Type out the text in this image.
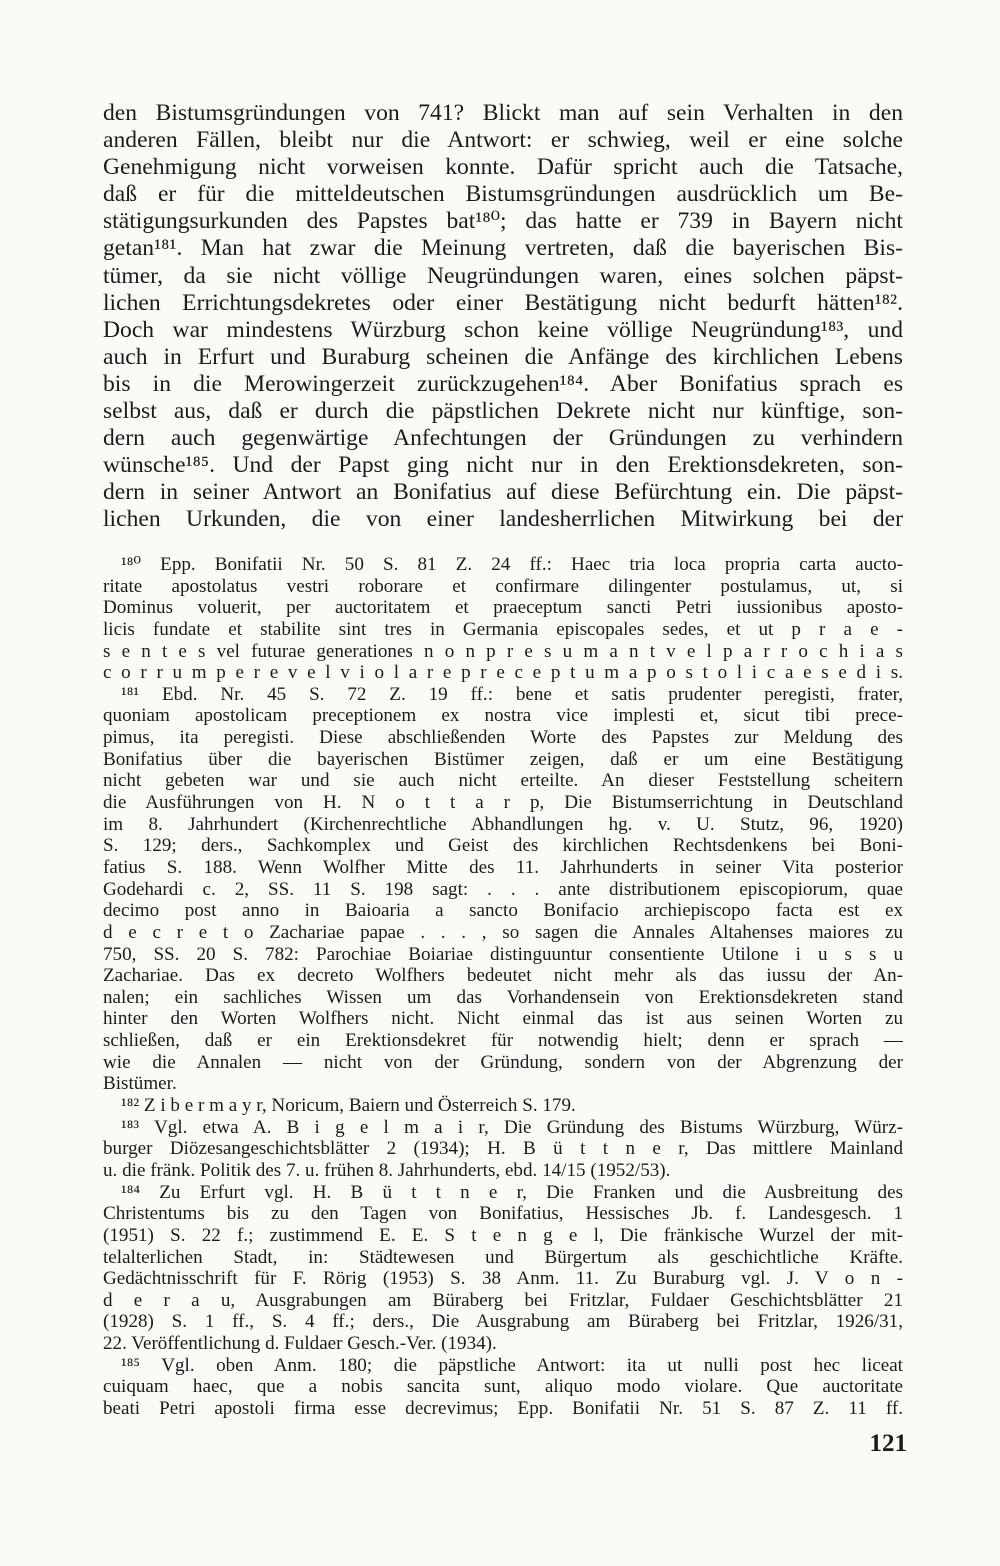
den Bistumsgründungen von 741? Blickt man auf sein Verhalten in den
anderen Fällen, bleibt nur die Antwort: er schwieg, weil er eine solche
Genehmigung nicht vorweisen konnte. Dafür spricht auch die Tatsache,
daß er für die mitteldeutschen Bistumsgründungen ausdrücklich um Be-
stätigungsurkunden des Papstes bat¹⁸⁰; das hatte er 739 in Bayern nicht
getan¹⁸¹. Man hat zwar die Meinung vertreten, daß die bayerischen Bis-
tümer, da sie nicht völlige Neugründungen waren, eines solchen päpst-
lichen Errichtungsdekretes oder einer Bestätigung nicht bedurft hätten¹⁸².
Doch war mindestens Würzburg schon keine völlige Neugründung¹⁸³, und
auch in Erfurt und Buraburg scheinen die Anfänge des kirchlichen Lebens
bis in die Merowingerzeit zurückzugehen¹⁸⁴. Aber Bonifatius sprach es
selbst aus, daß er durch die päpstlichen Dekrete nicht nur künftige, son-
dern auch gegenwärtige Anfechtungen der Gründungen zu verhindern
wünsche¹⁸⁵. Und der Papst ging nicht nur in den Erektionsdekreten, son-
dern in seiner Antwort an Bonifatius auf diese Befürchtung ein. Die päpst-
lichen Urkunden, die von einer landesherrlichen Mitwirkung bei der
¹⁸⁰ Epp. Bonifatii Nr. 50 S. 81 Z. 24 ff.: Haec tria loca propria carta aucto-
ritate apostolatus vestri roborare et confirmare dilingenter postulamus, ut, si
Dominus voluerit, per auctoritatem et praeceptum sancti Petri iussionibus aposto-
licis fundate et stabilite sint tres in Germania episcopales sedes, et ut p r a e -
s e n t e s vel futurae generationes n o n p r e s u m a n t v e l p a r r o c h i a s
c o r r u m p e r e v e l v i o l a r e p r e c e p t u m a p o s t o l i c a e s e d i s.
¹⁸¹ Ebd. Nr. 45 S. 72 Z. 19 ff.: bene et satis prudenter peregisti, frater,
quoniam apostolicam preceptionem ex nostra vice implesti et, sicut tibi prece-
pimus, ita peregisti. Diese abschließenden Worte des Papstes zur Meldung des
Bonifatius über die bayerischen Bistümer zeigen, daß er um eine Bestätigung
nicht gebeten war und sie auch nicht erteilte. An dieser Feststellung scheitern
die Ausführungen von H. N o t t a r p, Die Bistumserrichtung in Deutschland
im 8. Jahrhundert (Kirchenrechtliche Abhandlungen hg. v. U. Stutz, 96, 1920)
S. 129; ders., Sachkomplex und Geist des kirchlichen Rechtsdenkens bei Boni-
fatius S. 188. Wenn Wolfher Mitte des 11. Jahrhunderts in seiner Vita posterior
Godehardi c. 2, SS. 11 S. 198 sagt: . . . ante distributionem episcopiorum, quae
decimo post anno in Baioaria a sancto Bonifacio archiepiscopo facta est ex
d e c r e t o Zachariae papae . . . , so sagen die Annales Altahenses maiores zu
750, SS. 20 S. 782: Parochiae Boiariae distinguuntur consentiente Utilone i u s s u
Zachariae. Das ex decreto Wolfhers bedeutet nicht mehr als das iussu der An-
nalen; ein sachliches Wissen um das Vorhandensein von Erektionsdekreten stand
hinter den Worten Wolfhers nicht. Nicht einmal das ist aus seinen Worten zu
schließen, daß er ein Erektionsdekret für notwendig hielt; denn er sprach —
wie die Annalen — nicht von der Gründung, sondern von der Abgrenzung der
Bistümer.
¹⁸² Z i b e r m a y r, Noricum, Baiern und Österreich S. 179.
¹⁸³ Vgl. etwa A. B i g e l m a i r, Die Gründung des Bistums Würzburg, Würz-
burger Diözesangeschichtsblätter 2 (1934); H. B ü t t n e r, Das mittlere Mainland
u. die fränk. Politik des 7. u. frühen 8. Jahrhunderts, ebd. 14/15 (1952/53).
¹⁸⁴ Zu Erfurt vgl. H. B ü t t n e r, Die Franken und die Ausbreitung des
Christentums bis zu den Tagen von Bonifatius, Hessisches Jb. f. Landesgesch. 1
(1951) S. 22 f.; zustimmend E. E. S t e n g e l, Die fränkische Wurzel der mit-
telalterlichen Stadt, in: Städtewesen und Bürgertum als geschichtliche Kräfte.
Gedächtnisschrift für F. Rörig (1953) S. 38 Anm. 11. Zu Buraburg vgl. J. V o n -
d e r a u, Ausgrabungen am Büraberg bei Fritzlar, Fuldaer Geschichtsblätter 21
(1928) S. 1 ff., S. 4 ff.; ders., Die Ausgrabung am Büraberg bei Fritzlar, 1926/31,
22. Veröffentlichung d. Fuldaer Gesch.-Ver. (1934).
¹⁸⁵ Vgl. oben Anm. 180; die päpstliche Antwort: ita ut nulli post hec liceat
cuiquam haec, que a nobis sancita sunt, aliquo modo violare. Que auctoritate
beati Petri apostoli firma esse decrevimus; Epp. Bonifatii Nr. 51 S. 87 Z. 11 ff.
121
